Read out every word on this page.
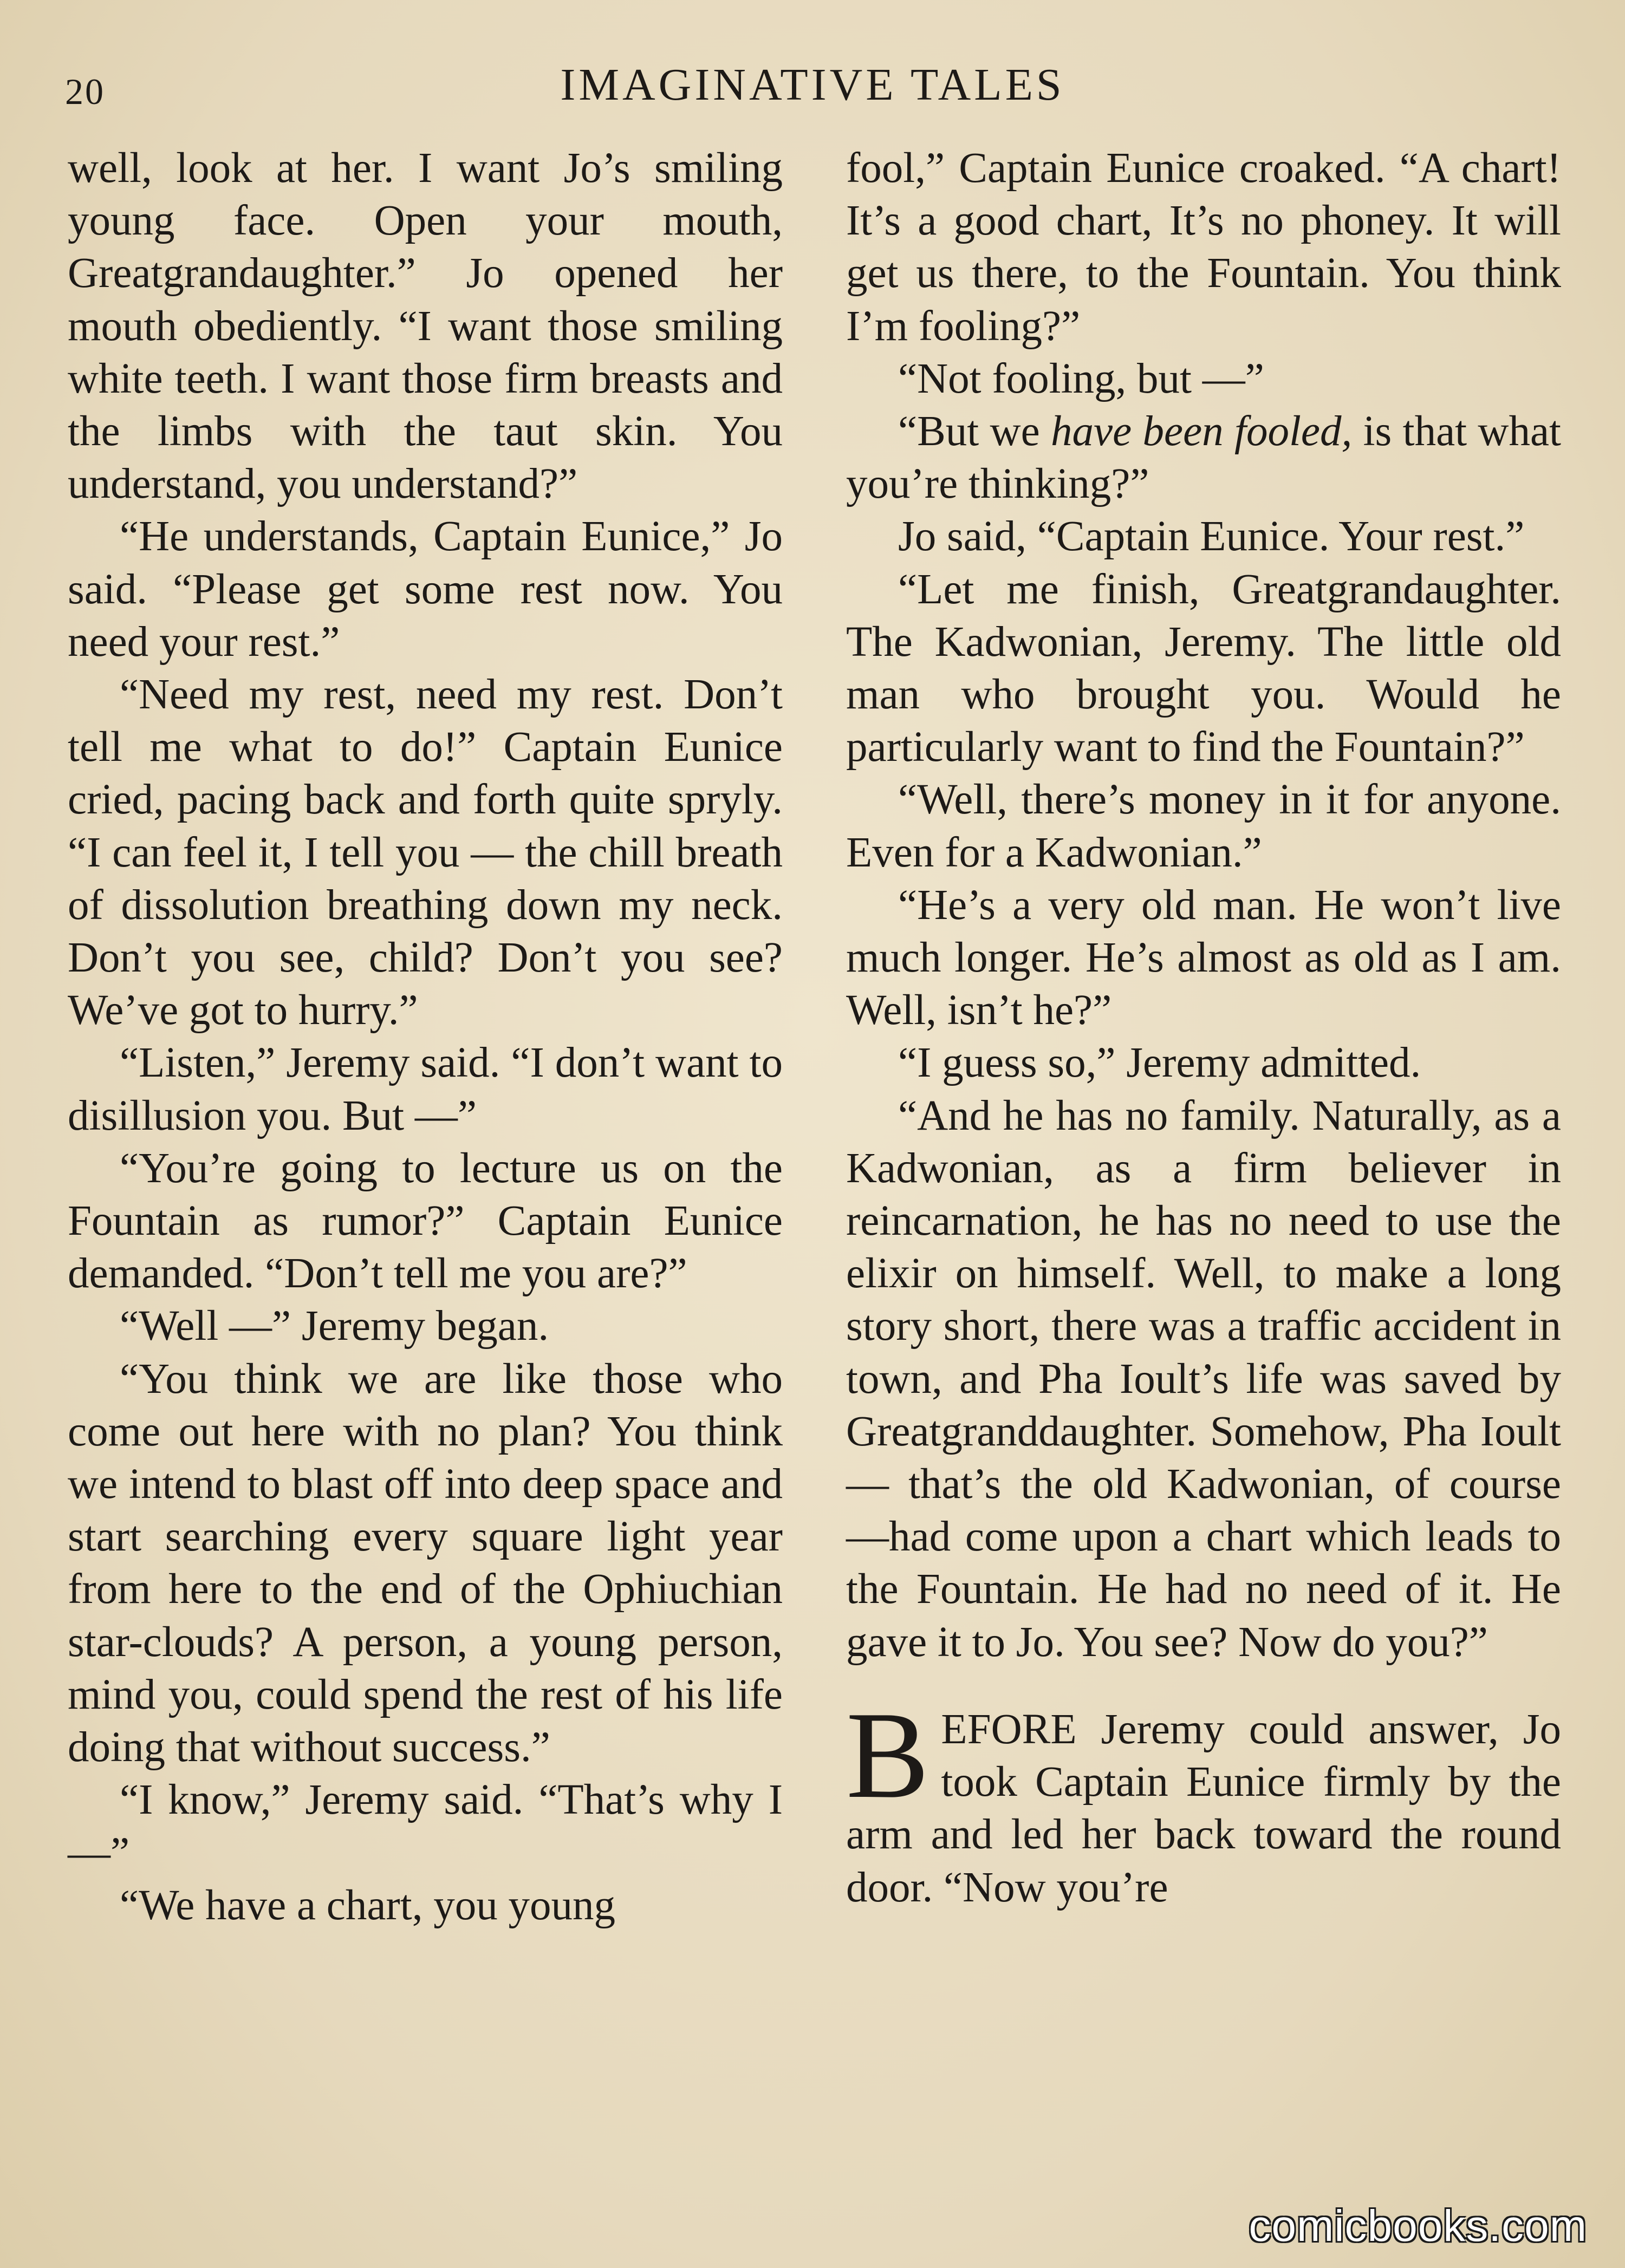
20	IMAGINATIVE TALES

well, look at her. I want Jo’s smiling young face. Open your mouth, Greatgrandaughter.” Jo opened her mouth obediently. “I want those smiling white teeth. I want those firm breasts and the limbs with the taut skin. You understand, you understand?”

“He understands, Captain Eunice,” Jo said. “Please get some rest now. You need your rest.”

“Need my rest, need my rest. Don’t tell me what to do!” Captain Eunice cried, pacing back and forth quite spryly. “I can feel it, I tell you — the chill breath of dissolution breathing down my neck. Don’t you see, child? Don’t you see? We’ve got to hurry.”

“Listen,” Jeremy said. “I don’t want to disillusion you. But —”

“You’re going to lecture us on the Fountain as rumor?” Captain Eunice demanded. “Don’t tell me you are?”

“Well —” Jeremy began.

“You think we are like those who come out here with no plan? You think we intend to blast off into deep space and start searching every square light year from here to the end of the Ophiuchian star-clouds? A person, a young person, mind you, could spend the rest of his life doing that without success.”

“I know,” Jeremy said. “That’s why I —”

“We have a chart, you young

fool,” Captain Eunice croaked. “A chart! It’s a good chart, It’s no phoney. It will get us there, to the Fountain. You think I’m fooling?”

“Not fooling, but —”

“But we have been fooled, is that what you’re thinking?”

Jo said, “Captain Eunice. Your rest.”

“Let me finish, Greatgrandaughter. The Kadwonian, Jeremy. The little old man who brought you. Would he particularly want to find the Fountain?”

“Well, there’s money in it for anyone. Even for a Kadwonian.”

“He’s a very old man. He won’t live much longer. He’s almost as old as I am. Well, isn’t he?”

“I guess so,” Jeremy admitted.

“And he has no family. Naturally, as a Kadwonian, as a firm believer in reincarnation, he has no need to use the elixir on himself. Well, to make a long story short, there was a traffic accident in town, and Pha Ioult’s life was saved by Greatgranddaughter. Somehow, Pha Ioult — that’s the old Kadwonian, of course —had come upon a chart which leads to the Fountain. He had no need of it. He gave it to Jo. You see? Now do you?”

BEFORE Jeremy could answer, Jo took Captain Eunice firmly by the arm and led her back toward the round door. “Now you’re

comicbooks.com
